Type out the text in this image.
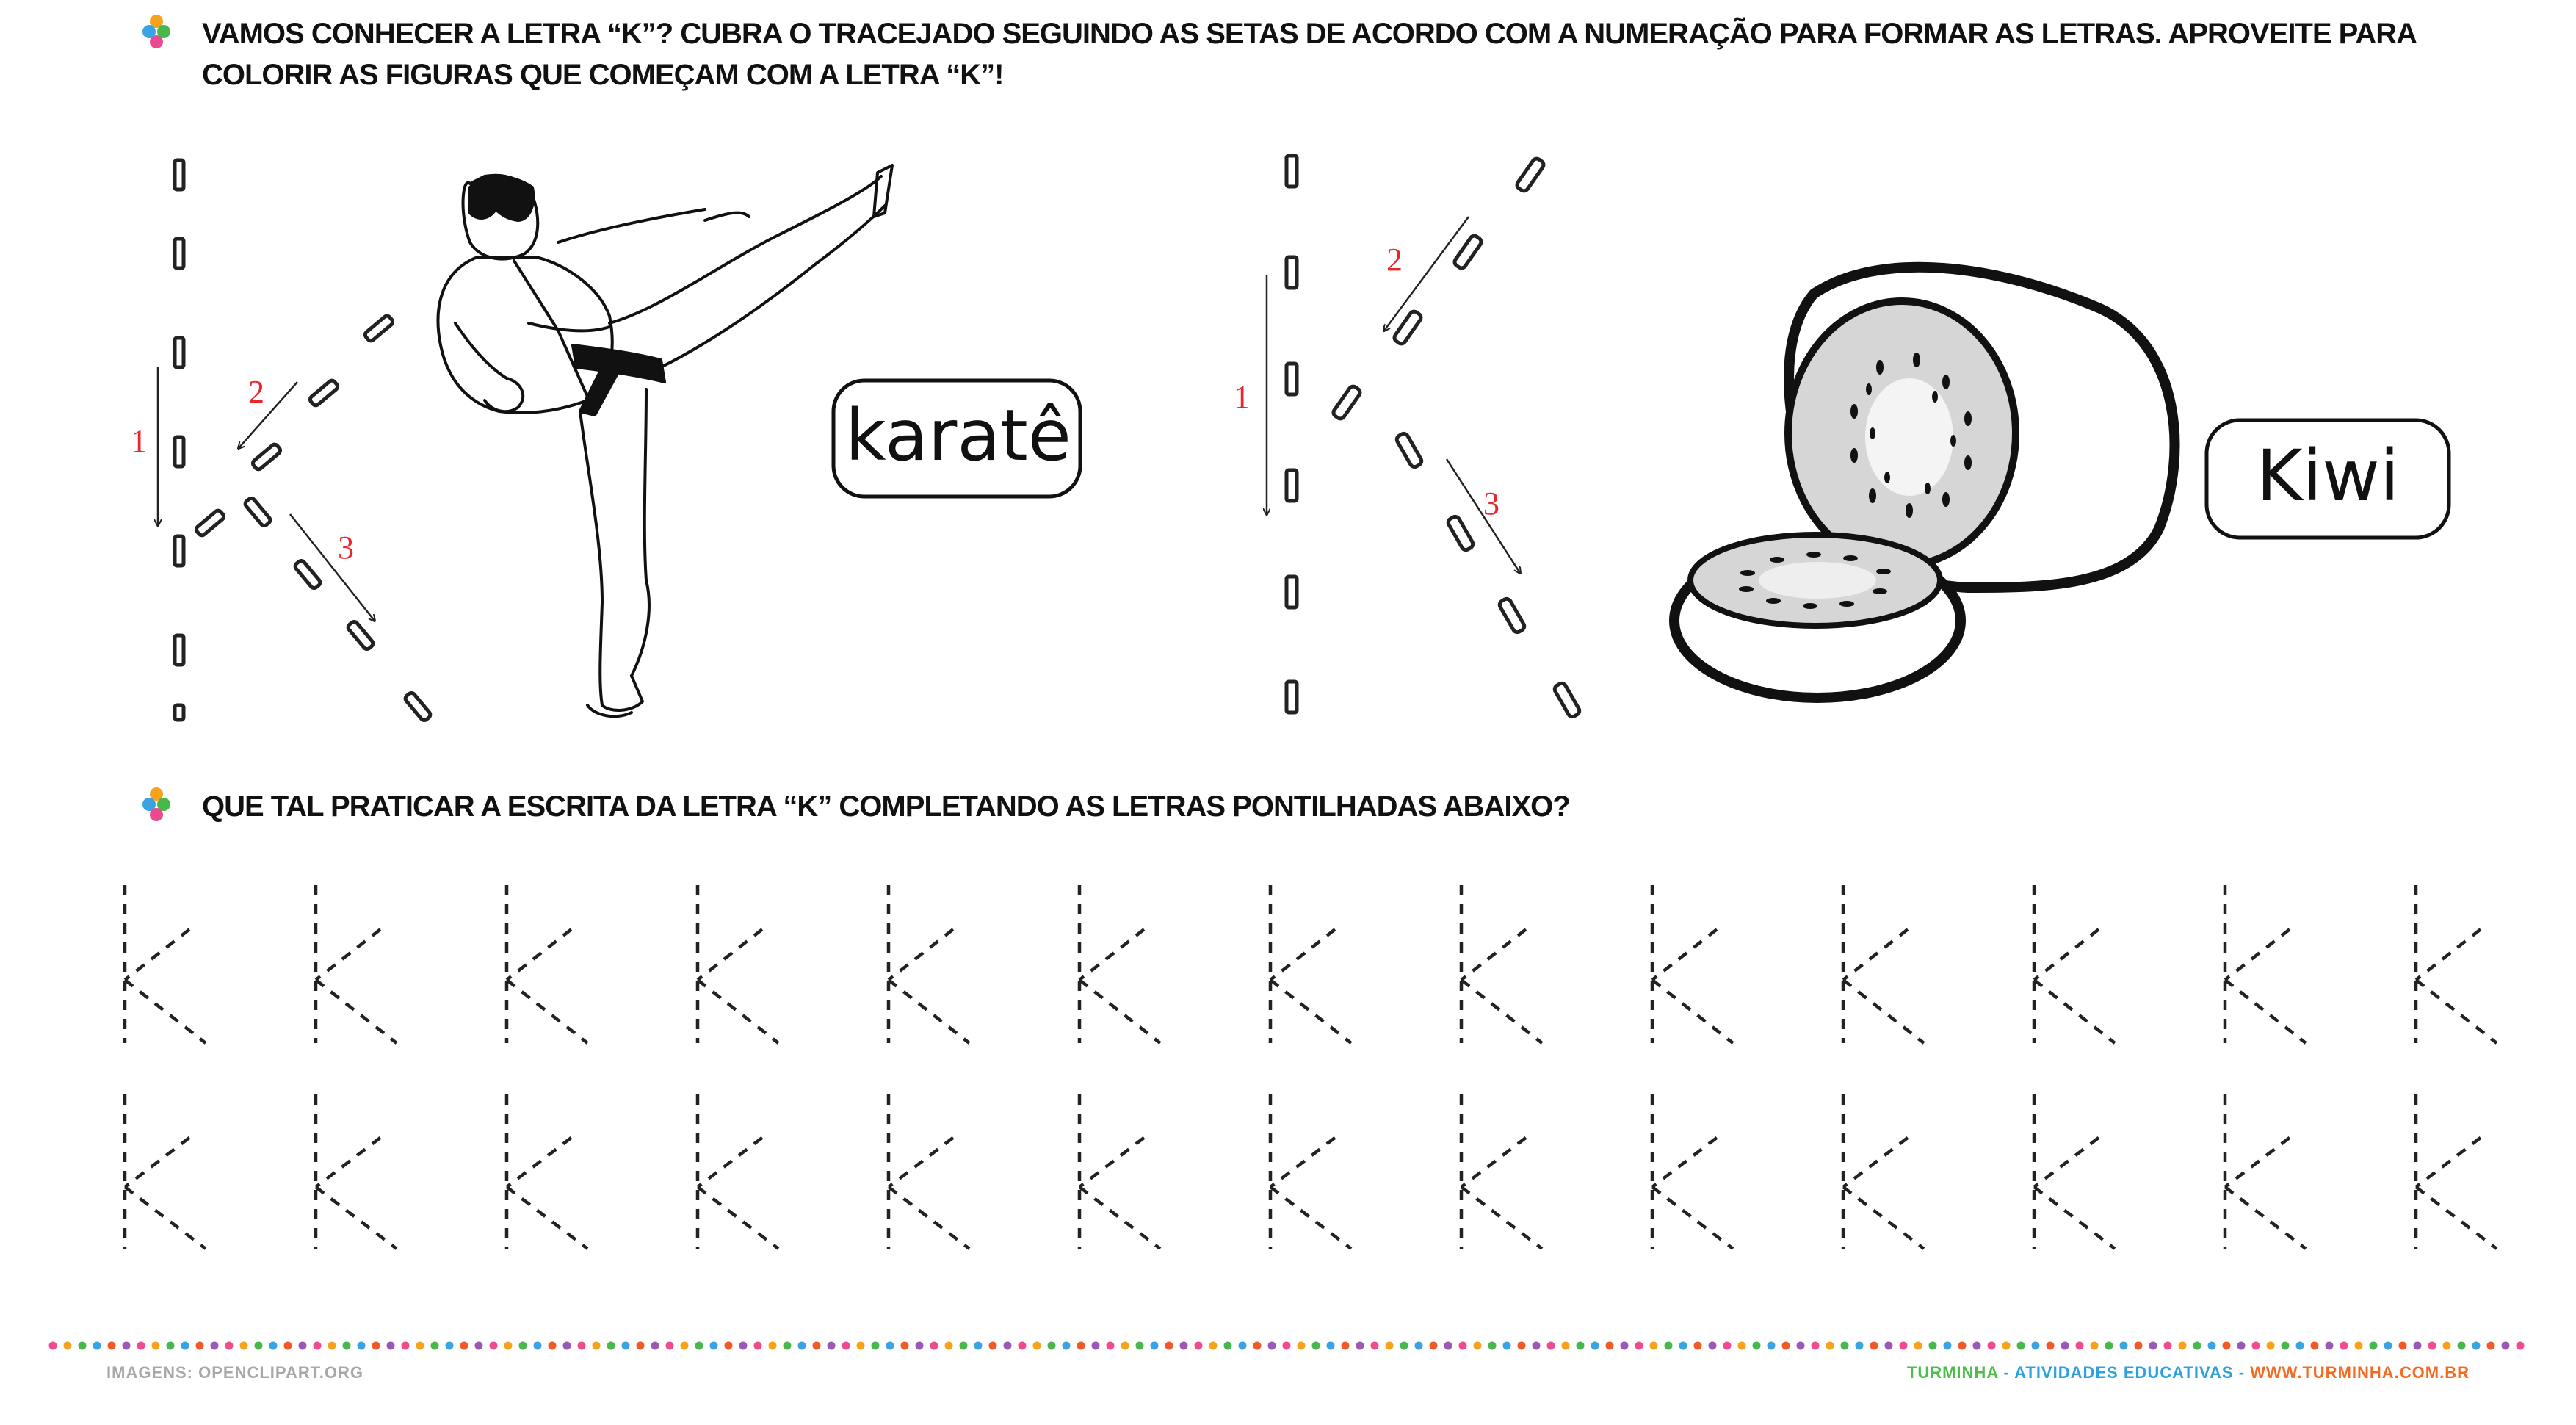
VAMOS CONHECER A LETRA “K”? CUBRA O TRACEJADO SEGUINDO AS SETAS DE ACORDO COM A NUMERAÇÃO PARA FORMAR AS LETRAS. APROVEITE PARA COLORIR AS FIGURAS QUE COMEÇAM COM A LETRA “K”!
1
2
3
1
2
3
karatê	Kiwi
QUE TAL PRATICAR A ESCRITA DA LETRA “K” COMPLETANDO AS LETRAS PONTILHADAS ABAIXO?
IMAGENS: OPENCLIPART.ORG	TURMINHA - ATIVIDADES EDUCATIVAS - WWW.TURMINHA.COM.BR
